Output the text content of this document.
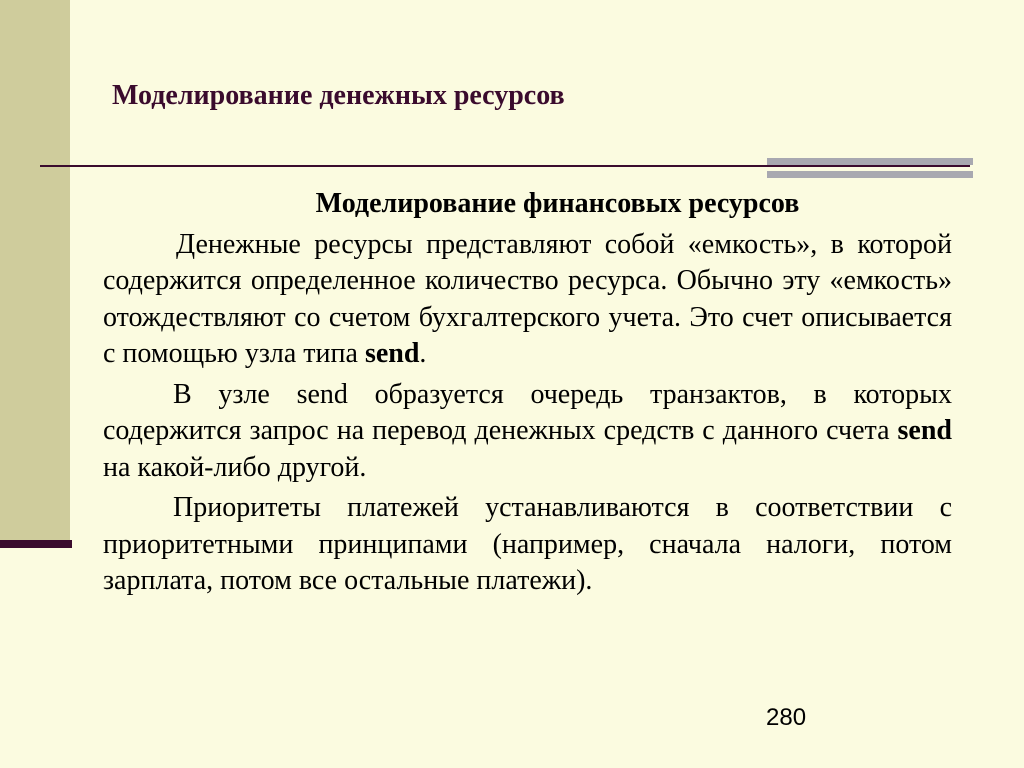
Моделирование денежных ресурсов

Моделирование финансовых ресурсов

Денежные ресурсы представляют собой «емкость», в которой содержится определенное количество ресурса. Обычно эту «емкость» отождествляют со счетом бухгалтерского учета. Это счет описывается с помощью узла типа send.

В узле send образуется очередь транзактов, в которых содержится запрос на перевод денежных средств с данного счета send на какой-либо другой.

Приоритеты платежей устанавливаются в соответствии с приоритетными принципами (например, сначала налоги, потом зарплата, потом все остальные платежи).

280
